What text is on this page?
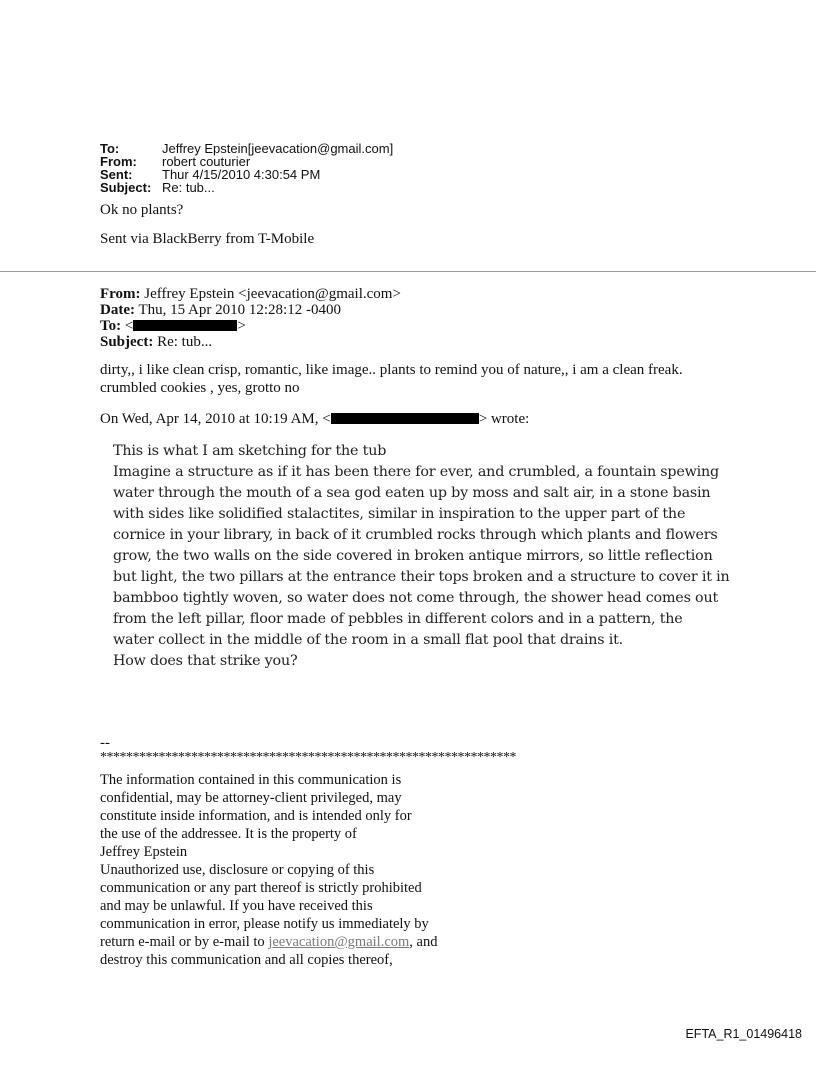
To:	Jeffrey Epstein[jeevacation@gmail.com]
From: robert couturier
Sent: Thur 4/15/2010 4:30:54 PM
Subject: Re: tub...
Ok no plants?
Sent via BlackBerry from T-Mobile
From: Jeffrey Epstein <jeevacation@gmail.com>
Date: Thu, 15 Apr 2010 12:28:12 -0400
To: <	>
Subject: Re: tub...
dirty,, i like clean crisp, romantic, like image.. plants to remind you of nature,, i am a clean freak.
crumbled cookies , yes, grotto no
On Wed, Apr 14, 2010 at 10:19 AM, <	> wrote:
This is what I am sketching for the tub
Imagine a structure as if it has been there for ever, and crumbled, a fountain spewing
water through the mouth of a sea god eaten up by moss and salt air, in a stone basin
with sides like solidified stalactites, similar in inspiration to the upper part of the
cornice in your library, in back of it crumbled rocks through which plants and flowers
grow, the two walls on the side covered in broken antique mirrors, so little reflection
but light, the two pillars at the entrance their tops broken and a structure to cover it in
bambboo tightly woven, so water does not come through, the shower head comes out
from the left pillar, floor made of pebbles in different colors and in a pattern, the
water collect in the middle of the room in a small flat pool that drains it.
How does that strike you?
--
****************************************************************
The information contained in this communication is
confidential, may be attorney-client privileged, may
constitute inside information, and is intended only for
the use of the addressee. It is the property of
Jeffrey Epstein
Unauthorized use, disclosure or copying of this
communication or any part thereof is strictly prohibited
and may be unlawful. If you have received this
communication in error, please notify us immediately by
return e-mail or by e-mail to jeevacation@gmail.com, and
destroy this communication and all copies thereof,
EFTA_R1_01496418
